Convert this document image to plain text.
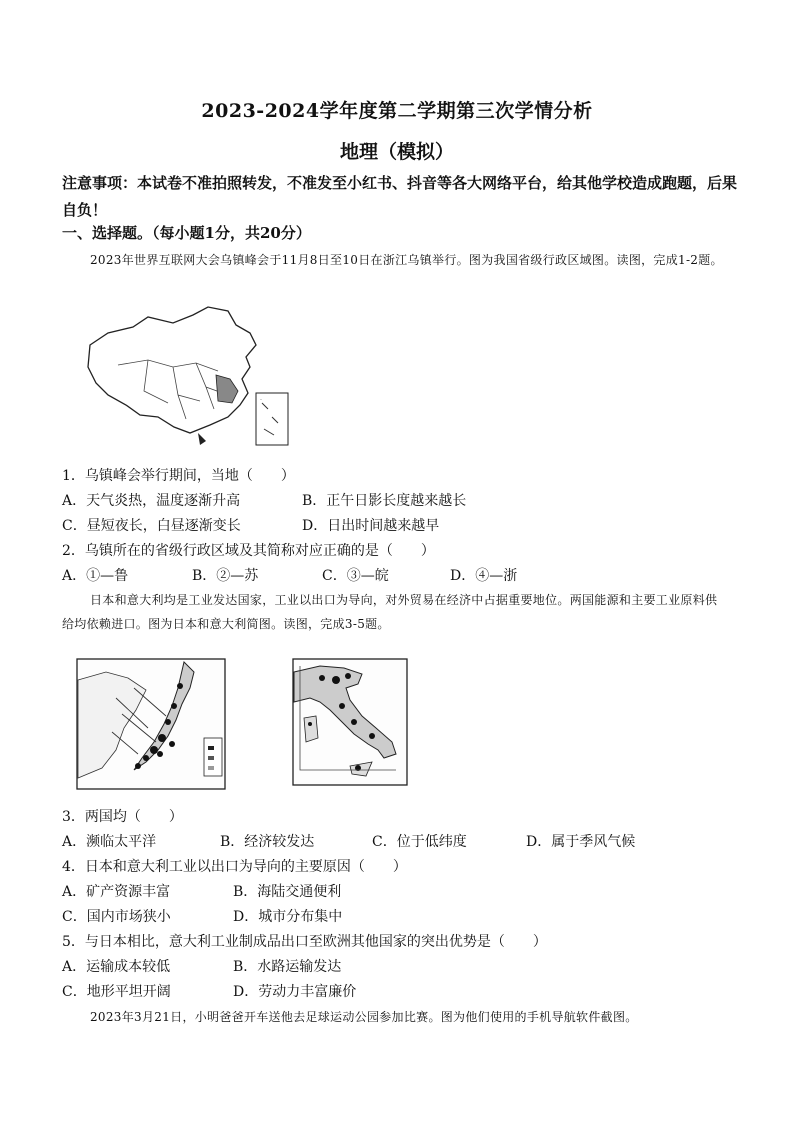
2023-2024学年度第二学期第三次学情分析
地理（模拟）
注意事项：本试卷不准拍照转发，不准发至小红书、抖音等各大网络平台，给其他学校造成跑题，后果自负！
一、选择题。（每小题1分，共20分）
2023年世界互联网大会乌镇峰会于11月8日至10日在浙江乌镇举行。图为我国省级行政区域图。读图，完成1-2题。
·
1．乌镇峰会举行期间，当地（　　）
A．天气炎热，温度逐渐升高	B．正午日影长度越来越长
C．昼短夜长，白昼逐渐变长	D．日出时间越来越早
2．乌镇所在的省级行政区域及其简称对应正确的是（　　）
A．①—鲁	B．②—苏	C．③—皖	D．④—浙
日本和意大利均是工业发达国家，工业以出口为导向，对外贸易在经济中占据重要地位。两国能源和主要工业原料供给均依赖进口。图为日本和意大利简图。读图，完成3-5题。
3．两国均（　　）
A．濒临太平洋	B．经济较发达	C．位于低纬度	D．属于季风气候
4．日本和意大利工业以出口为导向的主要原因（　　）
A．矿产资源丰富	B．海陆交通便利
C．国内市场狭小	D．城市分布集中
5．与日本相比，意大利工业制成品出口至欧洲其他国家的突出优势是（　　）
A．运输成本较低	B．水路运输发达
C．地形平坦开阔	D．劳动力丰富廉价
2023年3月21日，小明爸爸开车送他去足球运动公园参加比赛。图为他们使用的手机导航软件截图。
